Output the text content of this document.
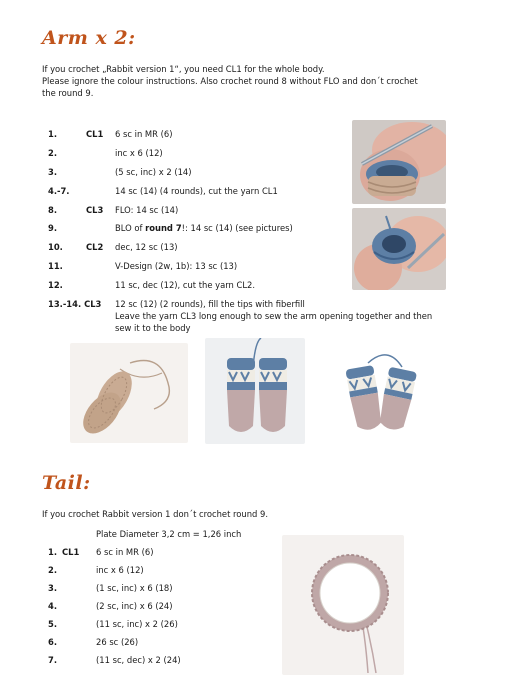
Arm x 2:
If you crochet „Rabbit version 1“, you need CL1 for the whole body.
Please ignore the colour instructions. Also crochet round 8 without FLO and don´t crochet
the round 9.
1.	CL1 6 sc in MR (6)
2.	inc x 6 (12)
3.	(5 sc, inc) x 2 (14)
4.-7.	14 sc (14) (4 rounds), cut the yarn CL1
8.	CL3 FLO: 14 sc (14)
9.	BLO of round 7!: 14 sc (14) (see pictures)
10.	CL2 dec, 12 sc (13)
11.	V-Design (2w, 1b): 13 sc (13)
12.	11 sc, dec (12), cut the yarn CL2.
13.-14. CL3 12 sc (12) (2 rounds), fill the tips with fiberfill
Leave the yarn CL3 long enough to sew the arm opening together and then
sew it to the body
Tail:
If you crochet Rabbit version 1 don´t crochet round 9.
Plate Diameter 3,2 cm = 1,26 inch
1. CL1 6 sc in MR (6)
2.	inc x 6 (12)
3.	(1 sc, inc) x 6 (18)
4.	(2 sc, inc) x 6 (24)
5.	(11 sc, inc) x 2 (26)
6.	26 sc (26)
7.	(11 sc, dec) x 2 (24)
